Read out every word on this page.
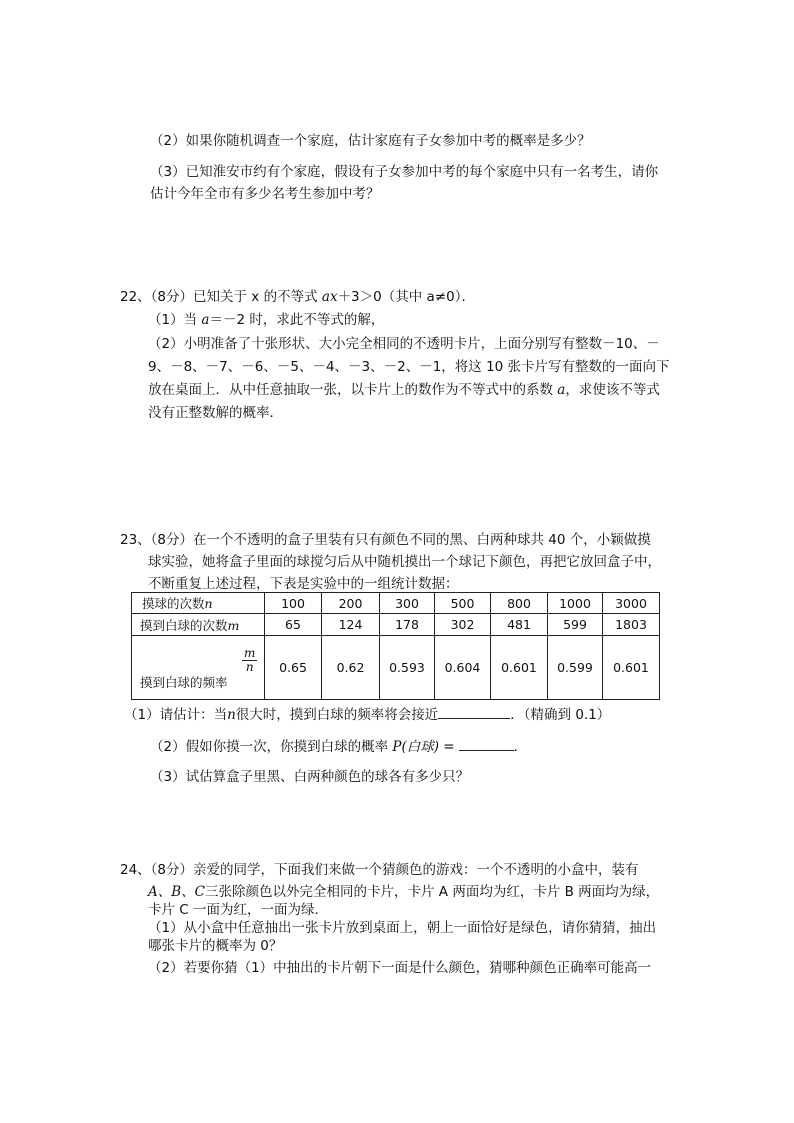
（2）如果你随机调查一个家庭，估计家庭有子女参加中考的概率是多少？
（3）已知淮安市约有个家庭，假设有子女参加中考的每个家庭中只有一名考生，请你
估计今年全市有多少名考生参加中考？
22、（8分）已知关于 x 的不等式 ax＋3＞0（其中 a≠0）．
（1）当 a＝－2 时，求此不等式的解，
（2）小明准备了十张形状、大小完全相同的不透明卡片，上面分别写有整数－10、－
9、－8、－7、－6、－5、－4、－3、－2、－1，将这 10 张卡片写有整数的一面向下
放在桌面上．从中任意抽取一张，以卡片上的数作为不等式中的系数 a，求使该不等式
没有正整数解的概率．
23、（8分）在一个不透明的盒子里装有只有颜色不同的黑、白两种球共 40 个，小颖做摸
球实验，她将盒子里面的球搅匀后从中随机摸出一个球记下颜色，再把它放回盒子中，
不断重复上述过程，下表是实验中的一组统计数据：
摸球的次数n	100	200	300	500	800	1000	3000
摸到白球的次数m	65	124	178	302	481	599	1803

$\frac{m}{n}$
摸到白球的频率	0.65	0.62	0.593	0.604	0.601	0.599	0.601
（1）请估计：当n很大时，摸到白球的频率将会接近	．（精确到 0.1）
（2）假如你摸一次，你摸到白球的概率 P(白球) =	．
（3）试估算盒子里黑、白两种颜色的球各有多少只？
24、（8分）亲爱的同学，下面我们来做一个猜颜色的游戏：一个不透明的小盒中，装有
A、B、C三张除颜色以外完全相同的卡片，卡片 A 两面均为红，卡片 B 两面均为绿，
卡片 C 一面为红，一面为绿．
（1）从小盒中任意抽出一张卡片放到桌面上，朝上一面恰好是绿色，请你猜猜，抽出
哪张卡片的概率为 0？
（2）若要你猜（1）中抽出的卡片朝下一面是什么颜色，猜哪种颜色正确率可能高一
